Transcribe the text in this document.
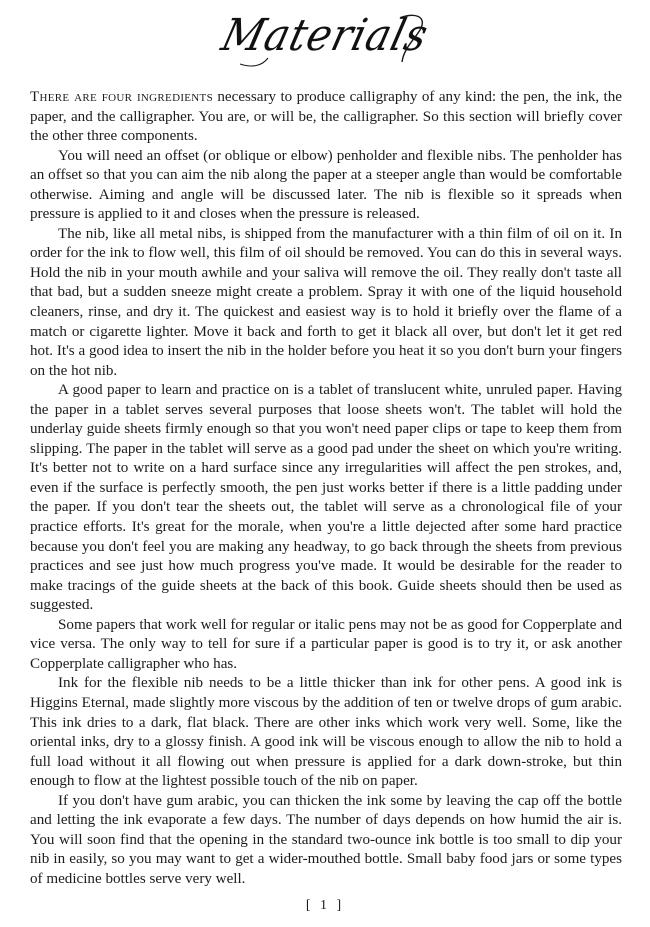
Materials

There are four ingredients necessary to produce calligraphy of any kind: the pen, the ink, the paper, and the calligrapher. You are, or will be, the calligrapher. So this section will briefly cover the other three components.

You will need an offset (or oblique or elbow) penholder and flexible nibs. The penholder has an offset so that you can aim the nib along the paper at a steeper angle than would be comfortable otherwise. Aiming and angle will be discussed later. The nib is flexible so it spreads when pressure is applied to it and closes when the pressure is released.

The nib, like all metal nibs, is shipped from the manufacturer with a thin film of oil on it. In order for the ink to flow well, this film of oil should be removed. You can do this in several ways. Hold the nib in your mouth awhile and your saliva will remove the oil. They really don't taste all that bad, but a sudden sneeze might create a problem. Spray it with one of the liquid household cleaners, rinse, and dry it. The quickest and easiest way is to hold it briefly over the flame of a match or cigarette lighter. Move it back and forth to get it black all over, but don't let it get red hot. It's a good idea to insert the nib in the holder before you heat it so you don't burn your fingers on the hot nib.

A good paper to learn and practice on is a tablet of translucent white, unruled paper. Having the paper in a tablet serves several purposes that loose sheets won't. The tablet will hold the underlay guide sheets firmly enough so that you won't need paper clips or tape to keep them from slipping. The paper in the tablet will serve as a good pad under the sheet on which you're writing. It's better not to write on a hard surface since any irregularities will affect the pen strokes, and, even if the surface is perfectly smooth, the pen just works better if there is a little padding under the paper. If you don't tear the sheets out, the tablet will serve as a chronological file of your practice efforts. It's great for the morale, when you're a little dejected after some hard practice because you don't feel you are making any headway, to go back through the sheets from previous practices and see just how much progress you've made. It would be desirable for the reader to make tracings of the guide sheets at the back of this book. Guide sheets should then be used as suggested.

Some papers that work well for regular or italic pens may not be as good for Copperplate and vice versa. The only way to tell for sure if a particular paper is good is to try it, or ask another Copperplate calligrapher who has.

Ink for the flexible nib needs to be a little thicker than ink for other pens. A good ink is Higgins Eternal, made slightly more viscous by the addition of ten or twelve drops of gum arabic. This ink dries to a dark, flat black. There are other inks which work very well. Some, like the oriental inks, dry to a glossy finish. A good ink will be viscous enough to allow the nib to hold a full load without it all flowing out when pressure is applied for a dark down-stroke, but thin enough to flow at the lightest possible touch of the nib on paper.

If you don't have gum arabic, you can thicken the ink some by leaving the cap off the bottle and letting the ink evaporate a few days. The number of days depends on how humid the air is. You will soon find that the opening in the standard two-ounce ink bottle is too small to dip your nib in easily, so you may want to get a wider-mouthed bottle. Small baby food jars or some types of medicine bottles serve very well.

[ 1 ]
